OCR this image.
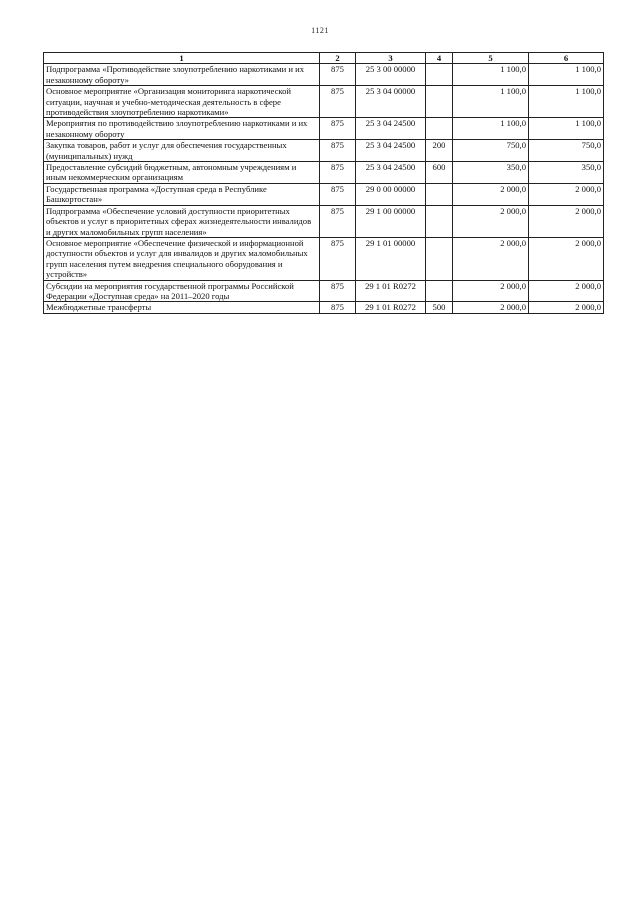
1121
1	2	3	4	5	6
Подпрограмма «Противодействие злоупотреблению наркотиками и их незаконному обороту»	875	25 3 00 00000		1 100,0	1 100,0
Основное мероприятие «Организация мониторинга наркотической ситуации, научная и учебно-методическая деятельность в сфере противодействия злоупотреблению наркотиками»	875	25 3 04 00000		1 100,0	1 100,0
Мероприятия по противодействию злоупотреблению наркотиками и их незаконному обороту	875	25 3 04 24500		1 100,0	1 100,0
Закупка товаров, работ и услуг для обеспечения государственных (муниципальных) нужд	875	25 3 04 24500	200	750,0	750,0
Предоставление субсидий бюджетным, автономным учреждениям и иным некоммерческим организациям	875	25 3 04 24500	600	350,0	350,0
Государственная программа «Доступная среда в Республике Башкортостан»	875	29 0 00 00000		2 000,0	2 000,0
Подпрограмма «Обеспечение условий доступности приоритетных объектов и услуг в приоритетных сферах жизнедеятельности инвалидов и других маломобильных групп населения»	875	29 1 00 00000		2 000,0	2 000,0
Основное мероприятие «Обеспечение физической и информационной доступности объектов и услуг для инвалидов и других маломобильных групп населения путем внедрения специального оборудования и устройств»	875	29 1 01 00000		2 000,0	2 000,0
Субсидии на мероприятия государственной программы Российской Федерации «Доступная среда» на 2011–2020 годы	875	29 1 01 R0272		2 000,0	2 000,0
Межбюджетные трансферты	875	29 1 01 R0272	500	2 000,0	2 000,0
